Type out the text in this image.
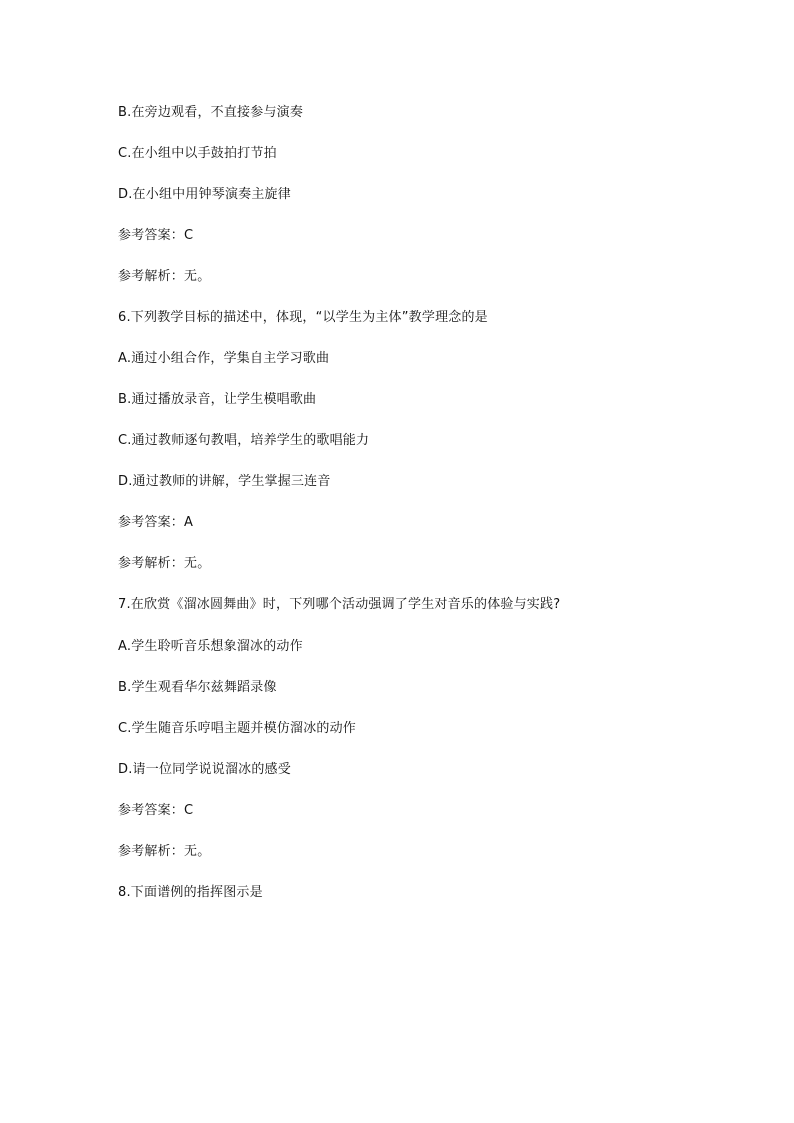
B.在旁边观看，不直接参与演奏
C.在小组中以手鼓拍打节拍
D.在小组中用钟琴演奏主旋律
参考答案：C
参考解析：无。
6.下列教学目标的描述中，体现，“以学生为主体”教学理念的是
A.通过小组合作，学集自主学习歌曲
B.通过播放录音，让学生模唱歌曲
C.通过教师逐句教唱，培养学生的歌唱能力
D.通过教师的讲解，学生掌握三连音
参考答案：A
参考解析：无。
7.在欣赏《溜冰圆舞曲》时，下列哪个活动强调了学生对音乐的体验与实践?
A.学生聆听音乐想象溜冰的动作
B.学生观看华尔兹舞蹈录像
C.学生随音乐哼唱主题并模仿溜冰的动作
D.请一位同学说说溜冰的感受
参考答案：C
参考解析：无。
8.下面谱例的指挥图示是
